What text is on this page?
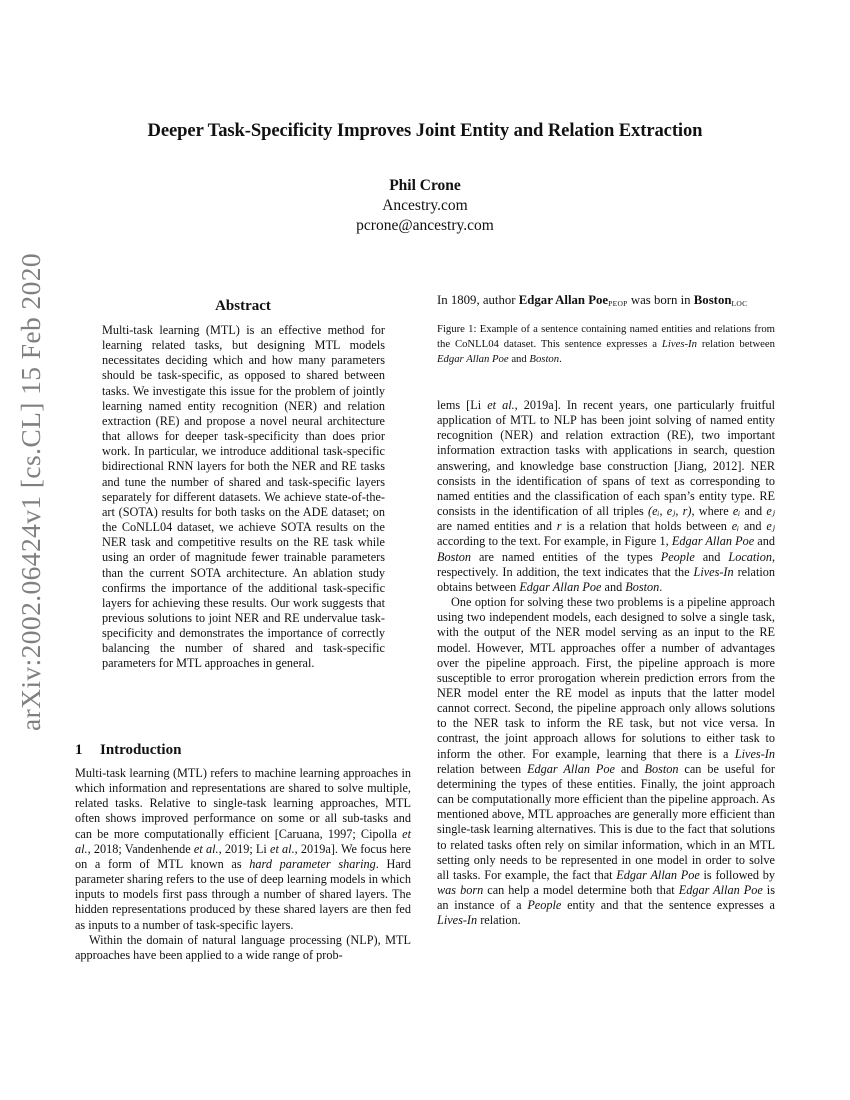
Deeper Task-Specificity Improves Joint Entity and Relation Extraction
Phil Crone
Ancestry.com
pcrone@ancestry.com
arXiv:2002.06424v1 [cs.CL] 15 Feb 2020	Abstract

Multi-task learning (MTL) is an effective method for learning related tasks, but designing MTL models necessitates deciding which and how many parameters should be task-specific, as opposed to shared between tasks. We investigate this issue for the problem of jointly learning named entity recognition (NER) and relation extraction (RE) and propose a novel neural architecture that allows for deeper task-specificity than does prior work. In particular, we introduce additional task-specific bidirectional RNN layers for both the NER and RE tasks and tune the number of shared and task-specific layers separately for different datasets. We achieve state-of-the-art (SOTA) results for both tasks on the ADE dataset; on the CoNLL04 dataset, we achieve SOTA results on the NER task and competitive results on the RE task while using an order of magnitude fewer trainable parameters than the current SOTA architecture. An ablation study confirms the importance of the additional task-specific layers for achieving these results. Our work suggests that previous solutions to joint NER and RE undervalue task-specificity and demonstrates the importance of correctly balancing the number of shared and task-specific parameters for MTL approaches in general.

1 Introduction

Multi-task learning (MTL) refers to machine learning approaches in which information and representations are shared to solve multiple, related tasks. Relative to single-task learning approaches, MTL often shows improved performance on some or all sub-tasks and can be more computationally efficient [Caruana, 1997; Cipolla et al., 2018; Vandenhende et al., 2019; Li et al., 2019a]. We focus here on a form of MTL known as hard parameter sharing. Hard parameter sharing refers to the use of deep learning models in which inputs to models first pass through a number of shared layers. The hidden representations produced by these shared layers are then fed as inputs to a number of task-specific layers.

Within the domain of natural language processing (NLP), MTL approaches have been applied to a wide range of prob-

In 1809, author Edgar Allan Poe$_{PEOP}$ was born in Boston$_{LOC}$

Figure 1: Example of a sentence containing named entities and relations from the CoNLL04 dataset. This sentence expresses a Lives-In relation between Edgar Allan Poe and Boston.

lems [Li et al., 2019a]. In recent years, one particularly fruitful application of MTL to NLP has been joint solving of named entity recognition (NER) and relation extraction (RE), two important information extraction tasks with applications in search, question answering, and knowledge base construction [Jiang, 2012]. NER consists in the identification of spans of text as corresponding to named entities and the classification of each span’s entity type. RE consists in the identification of all triples (eᵢ, eⱼ, r), where eᵢ and eⱼ are named entities and r is a relation that holds between eᵢ and eⱼ according to the text. For example, in Figure 1, Edgar Allan Poe and Boston are named entities of the types People and Location, respectively. In addition, the text indicates that the Lives-In relation obtains between Edgar Allan Poe and Boston.

One option for solving these two problems is a pipeline approach using two independent models, each designed to solve a single task, with the output of the NER model serving as an input to the RE model. However, MTL approaches offer a number of advantages over the pipeline approach. First, the pipeline approach is more susceptible to error prorogation wherein prediction errors from the NER model enter the RE model as inputs that the latter model cannot correct. Second, the pipeline approach only allows solutions to the NER task to inform the RE task, but not vice versa. In contrast, the joint approach allows for solutions to either task to inform the other. For example, learning that there is a Lives-In relation between Edgar Allan Poe and Boston can be useful for determining the types of these entities. Finally, the joint approach can be computationally more efficient than the pipeline approach. As mentioned above, MTL approaches are generally more efficient than single-task learning alternatives. This is due to the fact that solutions to related tasks often rely on similar information, which in an MTL setting only needs to be represented in one model in order to solve all tasks. For example, the fact that Edgar Allan Poe is followed by was born can help a model determine both that Edgar Allan Poe is an instance of a People entity and that the sentence expresses a Lives-In relation.
